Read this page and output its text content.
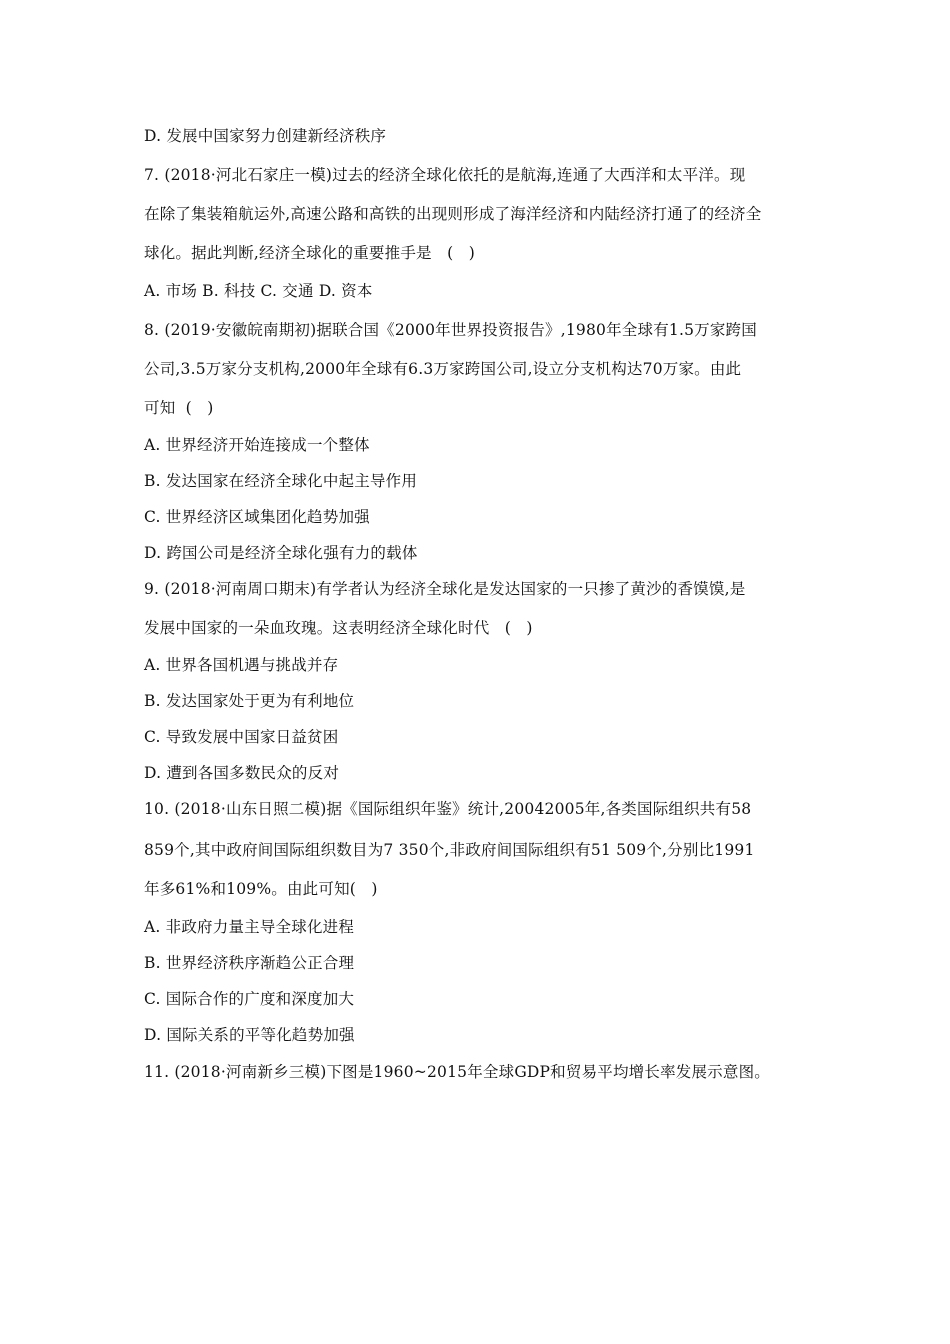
D. 发展中国家努力创建新经济秩序

7. (2018·河北石家庄一模)过去的经济全球化依托的是航海,连通了大西洋和太平洋。现

在除了集装箱航运外,高速公路和高铁的出现则形成了海洋经济和内陆经济打通了的经济全

球化。据此判断,经济全球化的重要推手是   (   )

A. 市场 B. 科技 C. 交通 D. 资本

8. (2019·安徽皖南期初)据联合国《2000年世界投资报告》,1980年全球有1.5万家跨国

公司,3.5万家分支机构,2000年全球有6.3万家跨国公司,设立分支机构达70万家。由此

可知  (   )

A. 世界经济开始连接成一个整体

B. 发达国家在经济全球化中起主导作用

C. 世界经济区域集团化趋势加强

D. 跨国公司是经济全球化强有力的载体

9. (2018·河南周口期末)有学者认为经济全球化是发达国家的一只掺了黄沙的香馍馍,是

发展中国家的一朵血玫瑰。这表明经济全球化时代   (   )

A. 世界各国机遇与挑战并存

B. 发达国家处于更为有利地位

C. 导致发展中国家日益贫困

D. 遭到各国多数民众的反对

10. (2018·山东日照二模)据《国际组织年鉴》统计,20042005年,各类国际组织共有58

859个,其中政府间国际组织数目为7 350个,非政府间国际组织有51 509个,分别比1991

年多61%和109%。由此可知(   )

A. 非政府力量主导全球化进程

B. 世界经济秩序渐趋公正合理

C. 国际合作的广度和深度加大

D. 国际关系的平等化趋势加强

11. (2018·河南新乡三模)下图是1960~2015年全球GDP和贸易平均增长率发展示意图。
